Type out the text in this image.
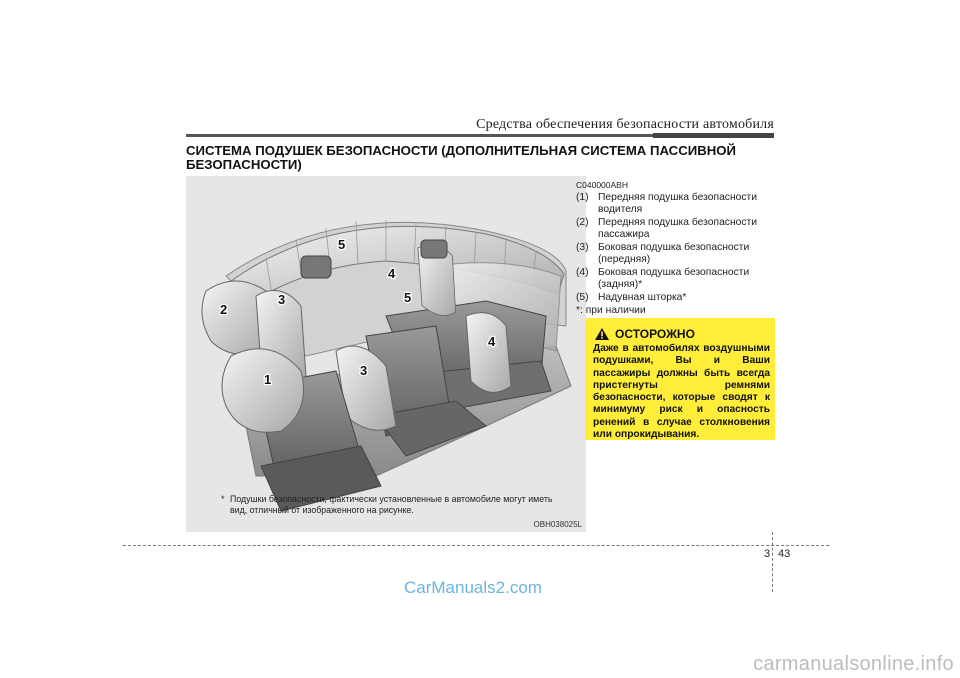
Средства обеспечения безопасности автомобиля
СИСТЕМА ПОДУШЕК БЕЗОПАСНОСТИ (ДОПОЛНИТЕЛЬНАЯ СИСТЕМА ПАССИВНОЙ БЕЗОПАСНОСТИ)
1
2
3
3
4
4
5
5
* Подушки безопасности, фактически установленные в автомобиле могут иметь вид, отличный от изображенного на рисунке.
OBH038025L
C040000ABH
(1) Передняя подушка безопасности водителя
(2) Передняя подушка безопасности пассажира
(3) Боковая подушка безопасности (передняя)
(4) Боковая подушка безопасности (задняя)*
(5) Надувная шторка*
*: при наличии
ОСТОРОЖНО
Даже в автомобилях воздушными подушками, Вы и Ваши пассажиры должны быть всегда пристегнуты ремнями безопасности, которые сводят к минимуму риск и опасность ренений в случае столкновения или опрокидывания.
3 43
CarManuals2.com
carmanualsonline.info
